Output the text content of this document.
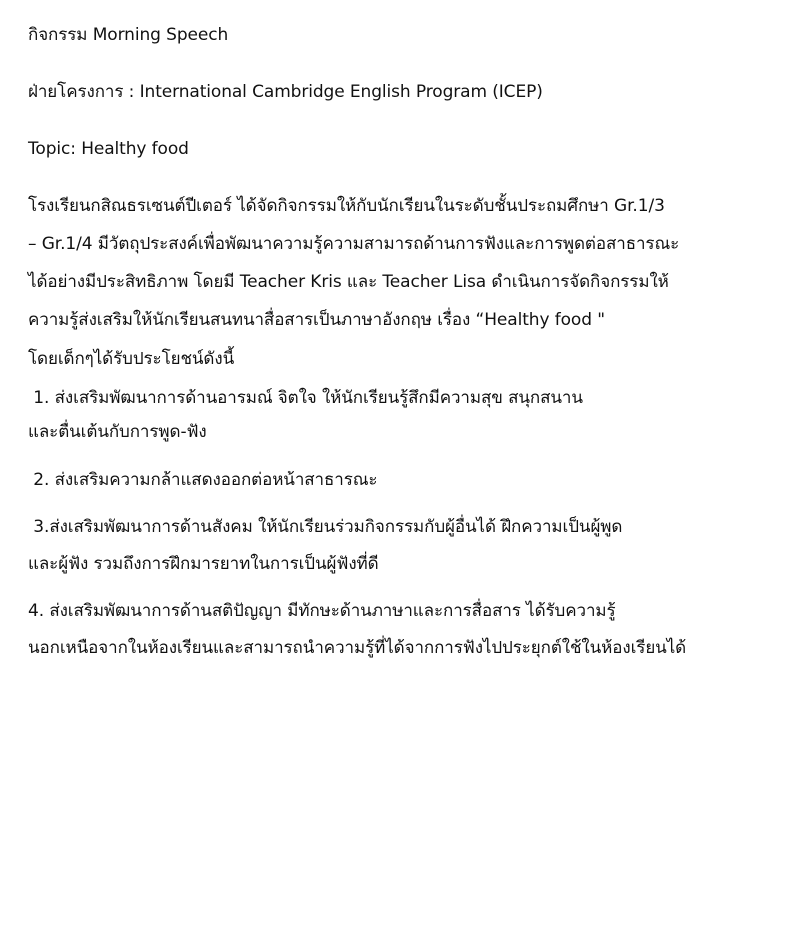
กิจกรรม Morning Speech
ฝ่ายโครงการ : International Cambridge English Program (ICEP)
Topic: Healthy food
โรงเรียนกสิณธรเซนต์ปีเตอร์ ได้จัดกิจกรรมให้กับนักเรียนในระดับชั้นประถมศึกษา Gr.1/3
– Gr.1/4 มีวัตถุประสงค์เพื่อพัฒนาความรู้ความสามารถด้านการฟังและการพูดต่อสาธารณะ
ได้อย่างมีประสิทธิภาพ โดยมี Teacher Kris และ Teacher Lisa ดำเนินการจัดกิจกรรมให้
ความรู้ส่งเสริมให้นักเรียนสนทนาสื่อสารเป็นภาษาอังกฤษ เรื่อง “Healthy food "
โดยเด็กๆได้รับประโยชน์ดังนี้
1. ส่งเสริมพัฒนาการด้านอารมณ์ จิตใจ ให้นักเรียนรู้สึกมีความสุข สนุกสนาน
และตื่นเต้นกับการพูด-ฟัง
2. ส่งเสริมความกล้าแสดงออกต่อหน้าสาธารณะ
3.ส่งเสริมพัฒนาการด้านสังคม ให้นักเรียนร่วมกิจกรรมกับผู้อื่นได้ ฝึกความเป็นผู้พูด
และผู้ฟัง รวมถึงการฝึกมารยาทในการเป็นผู้ฟังที่ดี
4. ส่งเสริมพัฒนาการด้านสติปัญญา มีทักษะด้านภาษาและการสื่อสาร ได้รับความรู้
นอกเหนือจากในห้องเรียนและสามารถนำความรู้ที่ได้จากการฟังไปประยุกต์ใช้ในห้องเรียนได้
